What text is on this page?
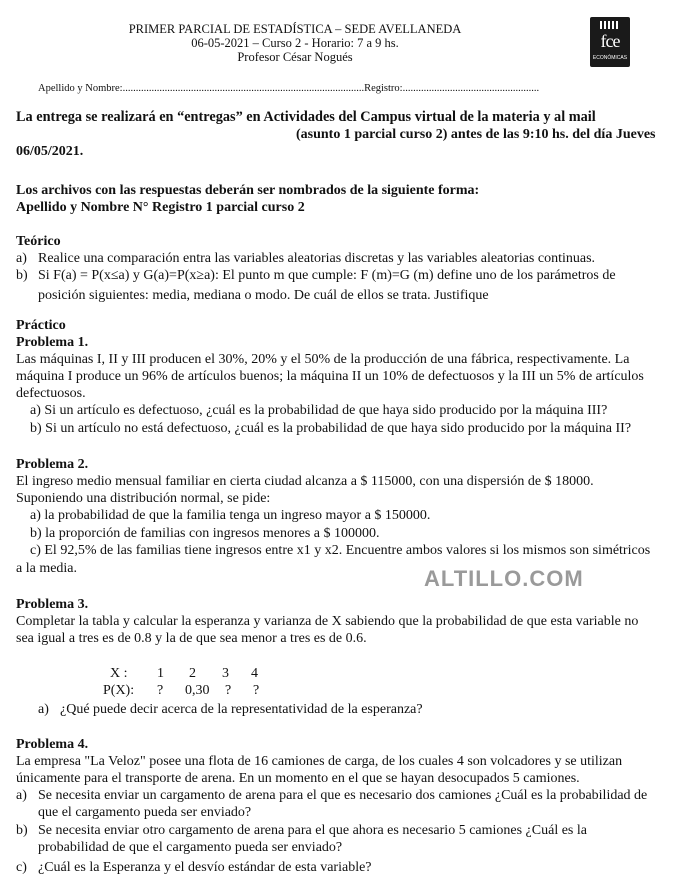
PRIMER PARCIAL DE ESTADÍSTICA – SEDE AVELLANEDA
06-05-2021 – Curso 2 - Horario: 7 a 9 hs.
Profesor César Nogués
fce
ECONÓMICAS
Apellido y Nombre:............................................................................................Registro:....................................................
La entrega se realizará en “entregas” en Actividades del Campus virtual de la materia y al mail
(asunto 1 parcial curso 2) antes de las 9:10 hs. del día Jueves
06/05/2021.
Los archivos con las respuestas deberán ser nombrados de la siguiente forma:
Apellido y Nombre N° Registro 1 parcial curso 2
Teórico
a) Realice una comparación entra las variables aleatorias discretas y las variables aleatorias continuas.
b) Si F(a) = P(x≤a) y G(a)=P(x≥a): El punto m que cumple: F (m)=G (m) define uno de los parámetros de
posición siguientes: media, mediana o modo. De cuál de ellos se trata. Justifique
Práctico
Problema 1.
Las máquinas I, II y III producen el 30%, 20% y el 50% de la producción de una fábrica, respectivamente. La
máquina I produce un 96% de artículos buenos; la máquina II un 10% de defectuosos y la III un 5% de artículos
defectuosos.
a) Si un artículo es defectuoso, ¿cuál es la probabilidad de que haya sido producido por la máquina III?
b) Si un artículo no está defectuoso, ¿cuál es la probabilidad de que haya sido producido por la máquina II?
Problema 2.
El ingreso medio mensual familiar en cierta ciudad alcanza a $ 115000, con una dispersión de $ 18000.
Suponiendo una distribución normal, se pide:
a) la probabilidad de que la familia tenga un ingreso mayor a $ 150000.
b) la proporción de familias con ingresos menores a $ 100000.
c) El 92,5% de las familias tiene ingresos entre x1 y x2. Encuentre ambos valores si los mismos son simétricos
a la media.	ALTILLO.COM
Problema 3.
Completar la tabla y calcular la esperanza y varianza de X sabiendo que la probabilidad de que esta variable no
sea igual a tres es de 0.8 y la de que sea menor a tres es de 0.6.
X : 1 2 3 4
P(X): ? 0,30 ? ?
a) ¿Qué puede decir acerca de la representatividad de la esperanza?
Problema 4.
La empresa "La Veloz" posee una flota de 16 camiones de carga, de los cuales 4 son volcadores y se utilizan
únicamente para el transporte de arena. En un momento en el que se hayan desocupados 5 camiones.
a) Se necesita enviar un cargamento de arena para el que es necesario dos camiones ¿Cuál es la probabilidad de
que el cargamento pueda ser enviado?
b) Se necesita enviar otro cargamento de arena para el que ahora es necesario 5 camiones ¿Cuál es la
probabilidad de que el cargamento pueda ser enviado?
c) ¿Cuál es la Esperanza y el desvío estándar de esta variable?
